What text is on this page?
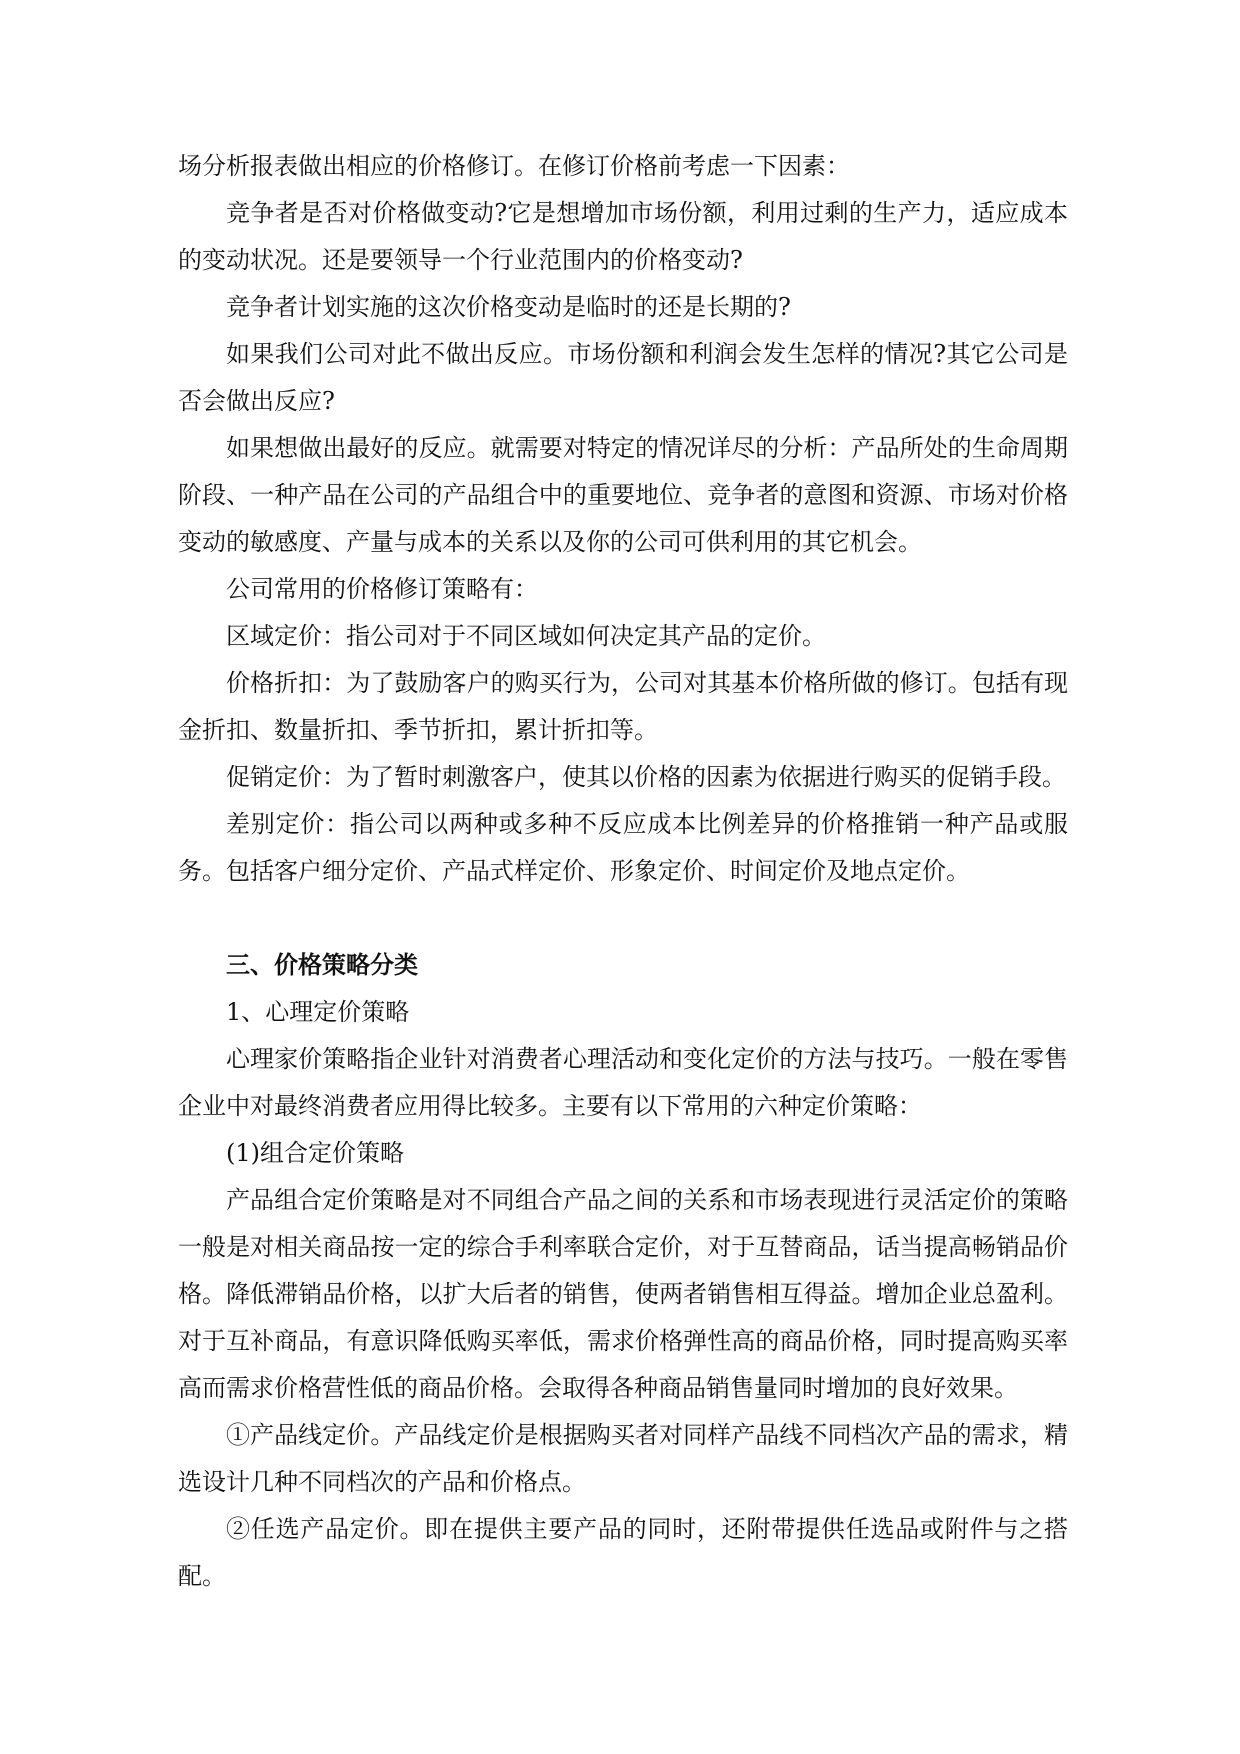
场分析报表做出相应的价格修订。在修订价格前考虑一下因素：

竞争者是否对价格做变动?它是想增加市场份额，利用过剩的生产力，适应成本的变动状况。还是要领导一个行业范围内的价格变动?

竞争者计划实施的这次价格变动是临时的还是长期的?

如果我们公司对此不做出反应。市场份额和利润会发生怎样的情况?其它公司是否会做出反应?

如果想做出最好的反应。就需要对特定的情况详尽的分析：产品所处的生命周期阶段、一种产品在公司的产品组合中的重要地位、竞争者的意图和资源、市场对价格变动的敏感度、产量与成本的关系以及你的公司可供利用的其它机会。

公司常用的价格修订策略有：

区域定价：指公司对于不同区域如何决定其产品的定价。

价格折扣：为了鼓励客户的购买行为，公司对其基本价格所做的修订。包括有现金折扣、数量折扣、季节折扣，累计折扣等。

促销定价：为了暂时刺激客户，使其以价格的因素为依据进行购买的促销手段。

差别定价：指公司以两种或多种不反应成本比例差异的价格推销一种产品或服务。包括客户细分定价、产品式样定价、形象定价、时间定价及地点定价。

三、价格策略分类

1、心理定价策略

心理家价策略指企业针对消费者心理活动和变化定价的方法与技巧。一般在零售企业中对最终消费者应用得比较多。主要有以下常用的六种定价策略：

(1)组合定价策略

产品组合定价策略是对不同组合产品之间的关系和市场表现进行灵活定价的策略一般是对相关商品按一定的综合手利率联合定价，对于互替商品，话当提高畅销品价格。降低滞销品价格，以扩大后者的销售，使两者销售相互得益。增加企业总盈利。对于互补商品，有意识降低购买率低，需求价格弹性高的商品价格，同时提高购买率高而需求价格营性低的商品价格。会取得各种商品销售量同时增加的良好效果。

①产品线定价。产品线定价是根据购买者对同样产品线不同档次产品的需求，精选设计几种不同档次的产品和价格点。

②任选产品定价。即在提供主要产品的同时，还附带提供任选品或附件与之搭配。
